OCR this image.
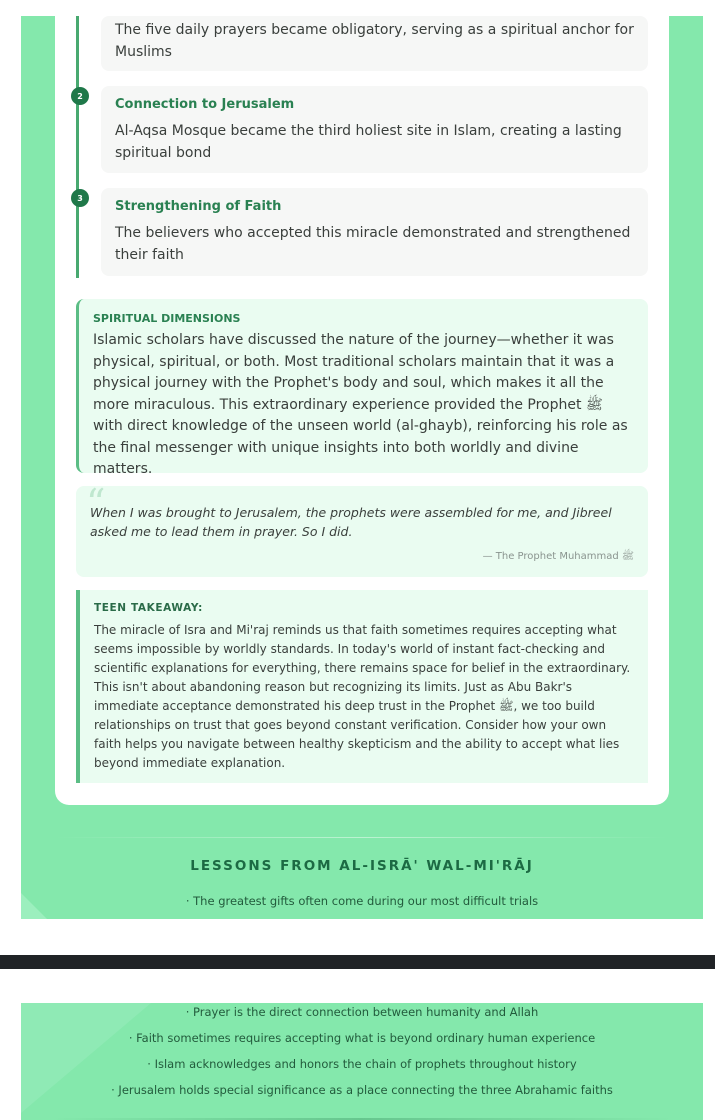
The five daily prayers became obligatory, serving as a spiritual anchor for Muslims
2
Connection to Jerusalem
Al-Aqsa Mosque became the third holiest site in Islam, creating a lasting spiritual bond
3
Strengthening of Faith
The believers who accepted this miracle demonstrated and strengthened their faith
SPIRITUAL DIMENSIONS
Islamic scholars have discussed the nature of the journey—whether it was physical, spiritual, or both. Most traditional scholars maintain that it was a physical journey with the Prophet's body and soul, which makes it all the more miraculous. This extraordinary experience provided the Prophet ﷺ with direct knowledge of the unseen world (al-ghayb), reinforcing his role as the final messenger with unique insights into both worldly and divine matters.
“
When I was brought to Jerusalem, the prophets were assembled for me, and Jibreel asked me to lead them in prayer. So I did.
— The Prophet Muhammad ﷺ
TEEN TAKEAWAY:
The miracle of Isra and Mi'raj reminds us that faith sometimes requires accepting what seems impossible by worldly standards. In today's world of instant fact-checking and scientific explanations for everything, there remains space for belief in the extraordinary. This isn't about abandoning reason but recognizing its limits. Just as Abu Bakr's immediate acceptance demonstrated his deep trust in the Prophet ﷺ, we too build relationships on trust that goes beyond constant verification. Consider how your own faith helps you navigate between healthy skepticism and the ability to accept what lies beyond immediate explanation.
LESSONS FROM AL-ISRĀ' WAL-MI'RĀJ
· The greatest gifts often come during our most difficult trials
· Prayer is the direct connection between humanity and Allah
· Faith sometimes requires accepting what is beyond ordinary human experience
· Islam acknowledges and honors the chain of prophets throughout history
· Jerusalem holds special significance as a place connecting the three Abrahamic faiths
